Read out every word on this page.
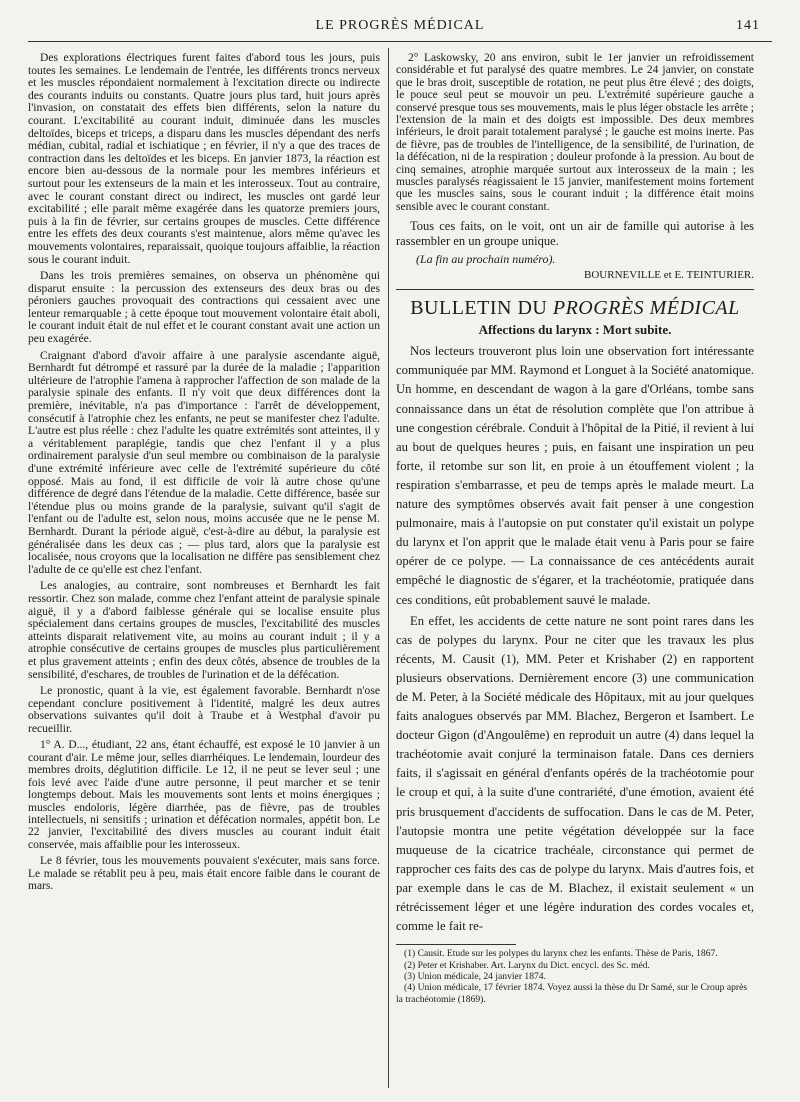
LE PROGRÈS MÉDICAL	141

Des explorations électriques furent faites d'abord tous les jours, puis toutes les semaines. Le lendemain de l'entrée, les différents troncs nerveux et les muscles répondaient normalement à l'excitation directe ou indirecte des courants induits ou constants. Quatre jours plus tard, huit jours après l'invasion, on constatait des effets bien différents, selon la nature du courant. L'excitabilité au courant induit, diminuée dans les muscles deltoïdes, biceps et triceps, a disparu dans les muscles dépendant des nerfs médian, cubital, radial et ischiatique ; en février, il n'y a que des traces de contraction dans les deltoïdes et les biceps. En janvier 1873, la réaction est encore bien au-dessous de la normale pour les membres inférieurs et surtout pour les extenseurs de la main et les interosseux. Tout au contraire, avec le courant constant direct ou indirect, les muscles ont gardé leur excitabilité ; elle parait même exagérée dans les quatorze premiers jours, puis à la fin de février, sur certains groupes de muscles. Cette différence entre les effets des deux courants s'est maintenue, alors même qu'avec les mouvements volontaires, reparaissait, quoique toujours affaiblie, la réaction sous le courant induit.

Dans les trois premières semaines, on observa un phénomène qui disparut ensuite : la percussion des extenseurs des deux bras ou des péroniers gauches provoquait des contractions qui cessaient avec une lenteur remarquable ; à cette époque tout mouvement volontaire était aboli, le courant induit était de nul effet et le courant constant avait une action un peu exagérée.

Craignant d'abord d'avoir affaire à une paralysie ascendante aiguë, Bernhardt fut détrompé et rassuré par la durée de la maladie ; l'apparition ultérieure de l'atrophie l'amena à rapprocher l'affection de son malade de la paralysie spinale des enfants. Il n'y voit que deux différences dont la première, inévitable, n'a pas d'importance : l'arrêt de développement, consécutif à l'atrophie chez les enfants, ne peut se manifester chez l'adulte. L'autre est plus réelle : chez l'adulte les quatre extrémités sont atteintes, il y a véritablement paraplégie, tandis que chez l'enfant il y a plus ordinairement paralysie d'un seul membre ou combinaison de la paralysie d'une extrémité inférieure avec celle de l'extrémité supérieure du côté opposé. Mais au fond, il est difficile de voir là autre chose qu'une différence de degré dans l'étendue de la maladie. Cette différence, basée sur l'étendue plus ou moins grande de la paralysie, suivant qu'il s'agit de l'enfant ou de l'adulte est, selon nous, moins accusée que ne le pense M. Bernhardt. Durant la période aiguë, c'est-à-dire au début, la paralysie est généralisée dans les deux cas ; — plus tard, alors que la paralysie est localisée, nous croyons que la localisation ne diffère pas sensiblement chez l'adulte de ce qu'elle est chez l'enfant.

Les analogies, au contraire, sont nombreuses et Bernhardt les fait ressortir. Chez son malade, comme chez l'enfant atteint de paralysie spinale aiguë, il y a d'abord faiblesse générale qui se localise ensuite plus spécialement dans certains groupes de muscles, l'excitabilité des muscles atteints disparait relativement vite, au moins au courant induit ; il y a atrophie consécutive de certains groupes de muscles plus particulièrement et plus gravement atteints ; enfin des deux côtés, absence de troubles de la sensibilité, d'eschares, de troubles de l'urination et de la défécation.

Le pronostic, quant à la vie, est également favorable. Bernhardt n'ose cependant conclure positivement à l'identité, malgré les deux autres observations suivantes qu'il doit à Traube et à Westphal d'avoir pu recueillir.

1° A. D..., étudiant, 22 ans, étant échauffé, est exposé le 10 janvier à un courant d'air. Le même jour, selles diarrhéiques. Le lendemain, lourdeur des membres droits, déglutition difficile. Le 12, il ne peut se lever seul ; une fois levé avec l'aide d'une autre personne, il peut marcher et se tenir longtemps debout. Mais les mouvements sont lents et moins énergiques ; muscles endoloris, légère diarrhée, pas de fièvre, pas de troubles intellectuels, ni sensitifs ; urination et défécation normales, appétit bon. Le 22 janvier, l'excitabilité des divers muscles au courant induit était conservée, mais affaiblie pour les interosseux.

Le 8 février, tous les mouvements pouvaient s'exécuter, mais sans force. Le malade se rétablit peu à peu, mais était encore faible dans le courant de mars.

2° Laskowsky, 20 ans environ, subit le 1er janvier un refroidissement considérable et fut paralysé des quatre membres. Le 24 janvier, on constate que le bras droit, susceptible de rotation, ne peut plus être élevé ; des doigts, le pouce seul peut se mouvoir un peu. L'extrémité supérieure gauche a conservé presque tous ses mouvements, mais le plus léger obstacle les arrête ; l'extension de la main et des doigts est impossible. Des deux membres inférieurs, le droit parait totalement paralysé ; le gauche est moins inerte. Pas de fièvre, pas de troubles de l'intelligence, de la sensibilité, de l'urination, de la défécation, ni de la respiration ; douleur profonde à la pression. Au bout de cinq semaines, atrophie marquée surtout aux interosseux de la main ; les muscles paralysés réagissaient le 15 janvier, manifestement moins fortement que les muscles sains, sous le courant induit ; la différence était moins sensible avec le courant constant.

Tous ces faits, on le voit, ont un air de famille qui autorise à les rassembler en un groupe unique.

(La fin au prochain numéro).

BOURNEVILLE et E. TEINTURIER.

BULLETIN DU PROGRÈS MÉDICAL
Affections du larynx : Mort subite.

Nos lecteurs trouveront plus loin une observation fort intéressante communiquée par MM. Raymond et Longuet à la Société anatomique. Un homme, en descendant de wagon à la gare d'Orléans, tombe sans connaissance dans un état de résolution complète que l'on attribue à une congestion cérébrale. Conduit à l'hôpital de la Pitié, il revient à lui au bout de quelques heures ; puis, en faisant une inspiration un peu forte, il retombe sur son lit, en proie à un étouffement violent ; la respiration s'embarrasse, et peu de temps après le malade meurt. La nature des symptômes observés avait fait penser à une congestion pulmonaire, mais à l'autopsie on put constater qu'il existait un polype du larynx et l'on apprit que le malade était venu à Paris pour se faire opérer de ce polype. — La connaissance de ces antécédents aurait empêché le diagnostic de s'égarer, et la trachéotomie, pratiquée dans ces conditions, eût probablement sauvé le malade.

En effet, les accidents de cette nature ne sont point rares dans les cas de polypes du larynx. Pour ne citer que les travaux les plus récents, M. Causit (1), MM. Peter et Krishaber (2) en rapportent plusieurs observations. Dernièrement encore (3) une communication de M. Peter, à la Société médicale des Hôpitaux, mit au jour quelques faits analogues observés par MM. Blachez, Bergeron et Isambert. Le docteur Gigon (d'Angoulême) en reproduit un autre (4) dans lequel la trachéotomie avait conjuré la terminaison fatale. Dans ces derniers faits, il s'agissait en général d'enfants opérés de la trachéotomie pour le croup et qui, à la suite d'une contrariété, d'une émotion, avaient été pris brusquement d'accidents de suffocation. Dans le cas de M. Peter, l'autopsie montra une petite végétation développée sur la face muqueuse de la cicatrice trachéale, circonstance qui permet de rapprocher ces faits des cas de polype du larynx. Mais d'autres fois, et par exemple dans le cas de M. Blachez, il existait seulement « un rétrécissement léger et une légère induration des cordes vocales et, comme le fait re-

(1) Causit. Etude sur les polypes du larynx chez les enfants. Thèse de Paris, 1867.
(2) Peter et Krishaber. Art. Larynx du Dict. encycl. des Sc. méd.
(3) Union médicale, 24 janvier 1874.
(4) Union médicale, 17 février 1874. Voyez aussi la thèse du Dr Samé, sur le Croup après la trachéotomie (1869).
